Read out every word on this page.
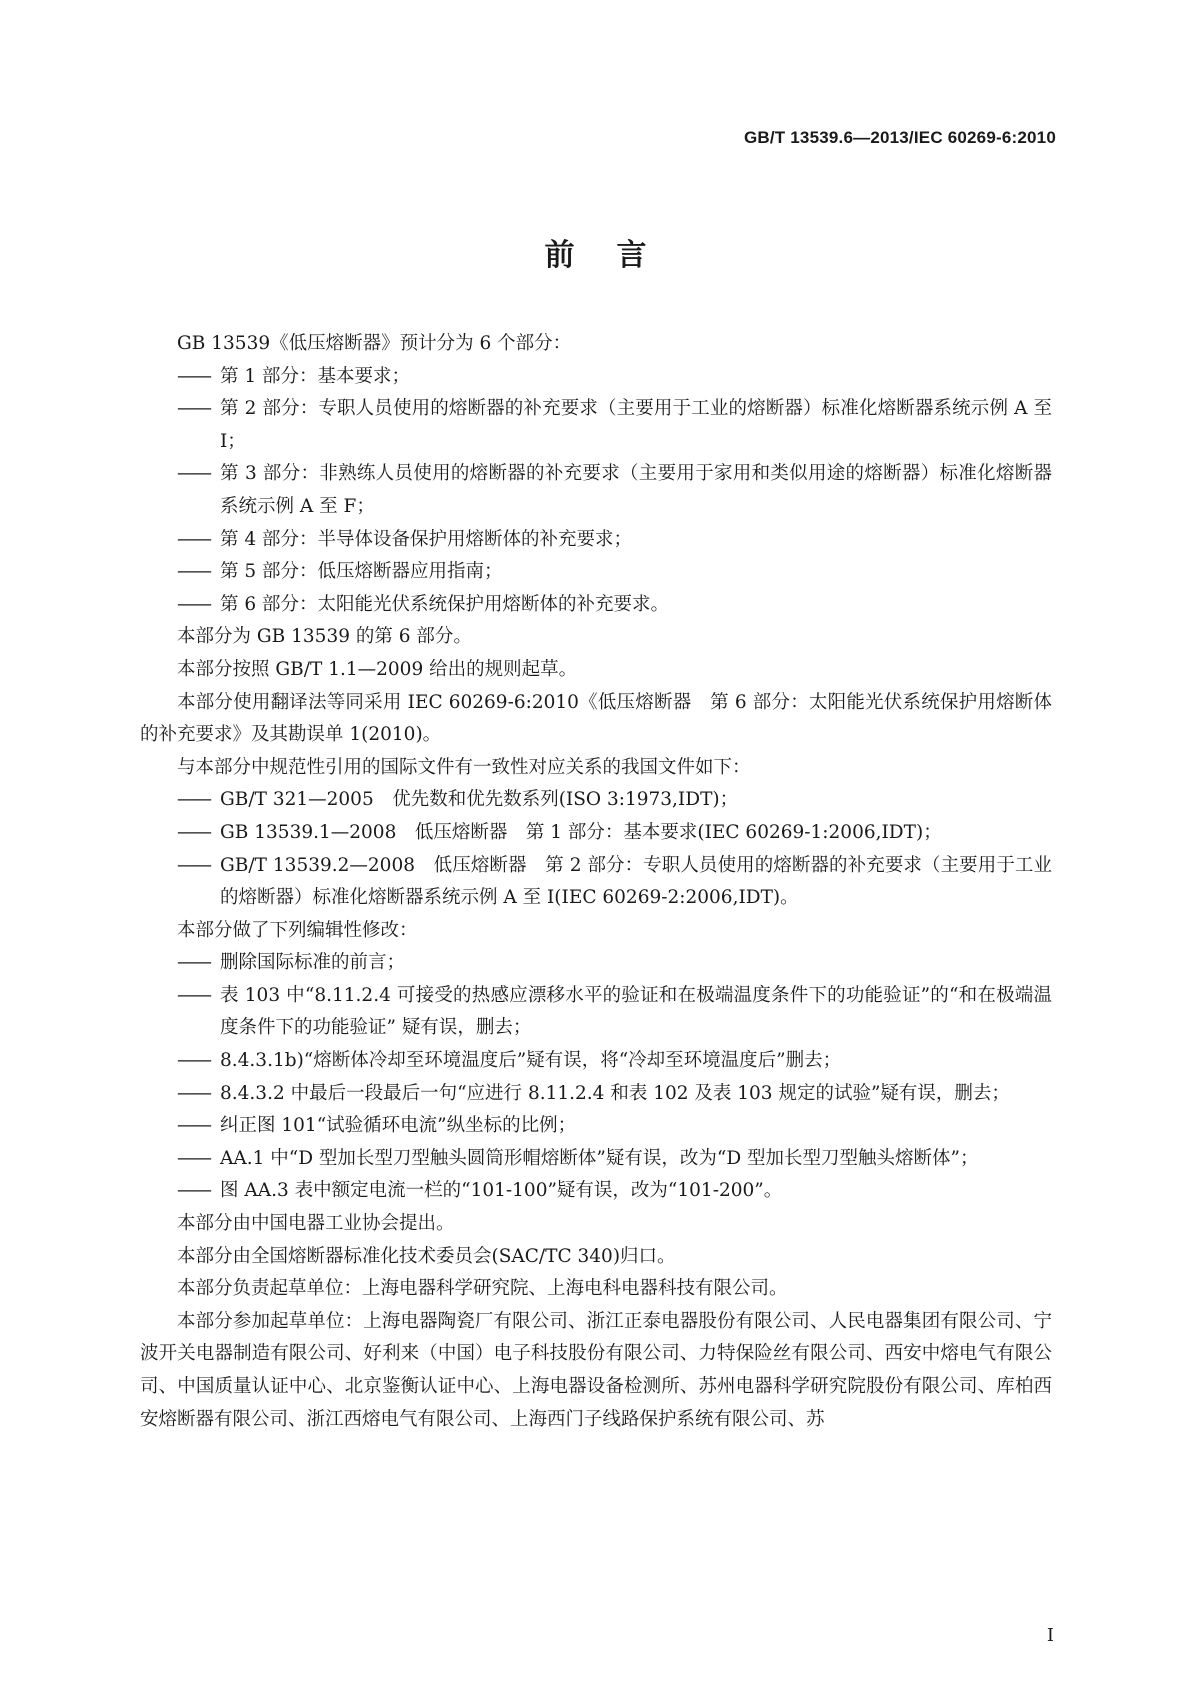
GB/T 13539.6—2013/IEC 60269-6:2010
前言

GB 13539《低压熔断器》预计分为 6 个部分：

—— 第 1 部分：基本要求；

—— 第 2 部分：专职人员使用的熔断器的补充要求（主要用于工业的熔断器）标准化熔断器系统示例 A 至 I；

—— 第 3 部分：非熟练人员使用的熔断器的补充要求（主要用于家用和类似用途的熔断器）标准化熔断器系统示例 A 至 F；

—— 第 4 部分：半导体设备保护用熔断体的补充要求；

—— 第 5 部分：低压熔断器应用指南；

—— 第 6 部分：太阳能光伏系统保护用熔断体的补充要求。

本部分为 GB 13539 的第 6 部分。

本部分按照 GB/T 1.1—2009 给出的规则起草。

本部分使用翻译法等同采用 IEC 60269-6:2010《低压熔断器　第 6 部分：太阳能光伏系统保护用熔断体的补充要求》及其勘误单 1(2010)。

与本部分中规范性引用的国际文件有一致性对应关系的我国文件如下：

—— GB/T 321—2005　优先数和优先数系列(ISO 3:1973,IDT)；

—— GB 13539.1—2008　低压熔断器　第 1 部分：基本要求(IEC 60269-1:2006,IDT)；

—— GB/T 13539.2—2008　低压熔断器　第 2 部分：专职人员使用的熔断器的补充要求（主要用于工业的熔断器）标准化熔断器系统示例 A 至 I(IEC 60269-2:2006,IDT)。

本部分做了下列编辑性修改：

—— 删除国际标准的前言；

—— 表 103 中“8.11.2.4 可接受的热感应漂移水平的验证和在极端温度条件下的功能验证”的“和在极端温度条件下的功能验证” 疑有误，删去；

—— 8.4.3.1b)“熔断体冷却至环境温度后”疑有误，将“冷却至环境温度后”删去；

—— 8.4.3.2 中最后一段最后一句“应进行 8.11.2.4 和表 102 及表 103 规定的试验”疑有误，删去；

—— 纠正图 101“试验循环电流”纵坐标的比例；

—— AA.1 中“D 型加长型刀型触头圆筒形帽熔断体”疑有误，改为“D 型加长型刀型触头熔断体”；

—— 图 AA.3 表中额定电流一栏的“101-100”疑有误，改为“101-200”。

本部分由中国电器工业协会提出。

本部分由全国熔断器标准化技术委员会(SAC/TC 340)归口。

本部分负责起草单位：上海电器科学研究院、上海电科电器科技有限公司。

本部分参加起草单位：上海电器陶瓷厂有限公司、浙江正泰电器股份有限公司、人民电器集团有限公司、宁波开关电器制造有限公司、好利来（中国）电子科技股份有限公司、力特保险丝有限公司、西安中熔电气有限公司、中国质量认证中心、北京鉴衡认证中心、上海电器设备检测所、苏州电器科学研究院股份有限公司、库柏西安熔断器有限公司、浙江西熔电气有限公司、上海西门子线路保护系统有限公司、苏

I
